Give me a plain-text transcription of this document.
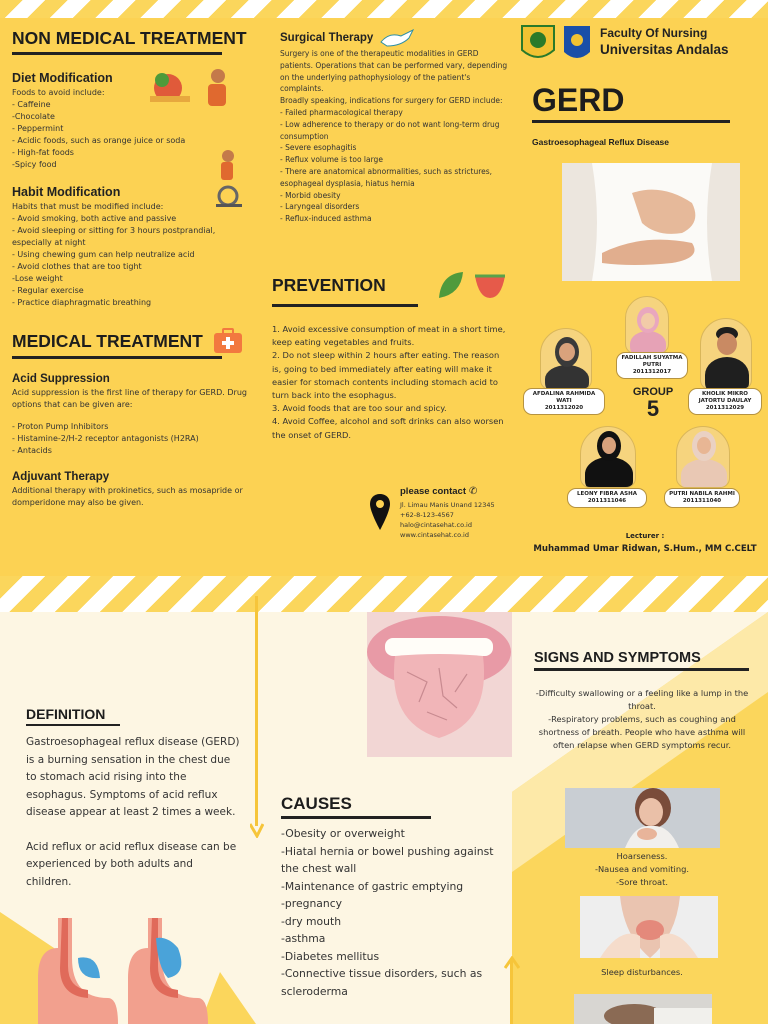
NON MEDICAL TREATMENT
Diet Modification
Foods to avoid include:
- Caffeine
-Chocolate
- Peppermint
- Acidic foods, such as orange juice or soda
- High-fat foods
-Spicy food
Habit Modification
Habits that must be modified include:
- Avoid smoking, both active and passive
- Avoid sleeping or sitting for 3 hours postprandial, especially at night
- Using chewing gum can help neutralize acid
- Avoid clothes that are too tight
-Lose weight
- Regular exercise
- Practice diaphragmatic breathing
MEDICAL TREATMENT
Acid Suppression
Acid suppression is the first line of therapy for GERD. Drug options that can be given are:
- Proton Pump Inhibitors
- Histamine-2/H-2 receptor antagonists (H2RA)
- Antacids
Adjuvant Therapy
Additional therapy with prokinetics, such as mosapride or domperidone may also be given.
Surgical Therapy
Surgery is one of the therapeutic modalities in GERD patients. Operations that can be performed vary, depending on the underlying pathophysiology of the patient's complaints.
Broadly speaking, indications for surgery for GERD include:
- Failed pharmacological therapy
- Low adherence to therapy or do not want long-term drug consumption
- Severe esophagitis
- Reflux volume is too large
- There are anatomical abnormalities, such as strictures, esophageal dysplasia, hiatus hernia
- Morbid obesity
- Laryngeal disorders
- Reflux-induced asthma
PREVENTION
1. Avoid excessive consumption of meat in a short time, keep eating vegetables and fruits.
2. Do not sleep within 2 hours after eating. The reason is, going to bed immediately after eating will make it easier for stomach contents including stomach acid to turn back into the esophagus.
3. Avoid foods that are too sour and spicy.
4. Avoid Coffee, alcohol and soft drinks can also worsen the onset of GERD.
please contact ✆
Jl. Limau Manis Unand 12345
+62-8-123-4567
halo@cintasehat.co.id
www.cintasehat.co.id
Faculty Of Nursing
Universitas Andalas
GERD
Gastroesophageal Reflux Disease
FADILLAH SUYATMA PUTRI
2011312017
AFDALINA RAHMIDA WATI
2011312020
KHOLIK MIKRO JATORTU DAULAY
2011312029
GROUP
5
LEONY FIBRA ASHA
2011311046
PUTRI NABILA RAHMI
2011311040
Lecturer :
Muhammad Umar Ridwan, S.Hum., MM C.CELT
DEFINITION

Gastroesophageal reflux disease (GERD) is a burning sensation in the chest due to stomach acid rising into the esophagus. Symptoms of acid reflux disease appear at least 2 times a week.

Acid reflux or acid reflux disease can be experienced by both adults and children.

CAUSES
-Obesity or overweight
-Hiatal hernia or bowel pushing against the chest wall
-Maintenance of gastric emptying
-pregnancy
-dry mouth
-asthma
-Diabetes mellitus
-Connective tissue disorders, such as scleroderma
SIGNS AND SYMPTOMS
-Difficulty swallowing or a feeling like a lump in the throat.
-Respiratory problems, such as coughing and shortness of breath. People who have asthma will often relapse when GERD symptoms recur.
Hoarseness.
-Nausea and vomiting.
-Sore throat.
Sleep disturbances.
